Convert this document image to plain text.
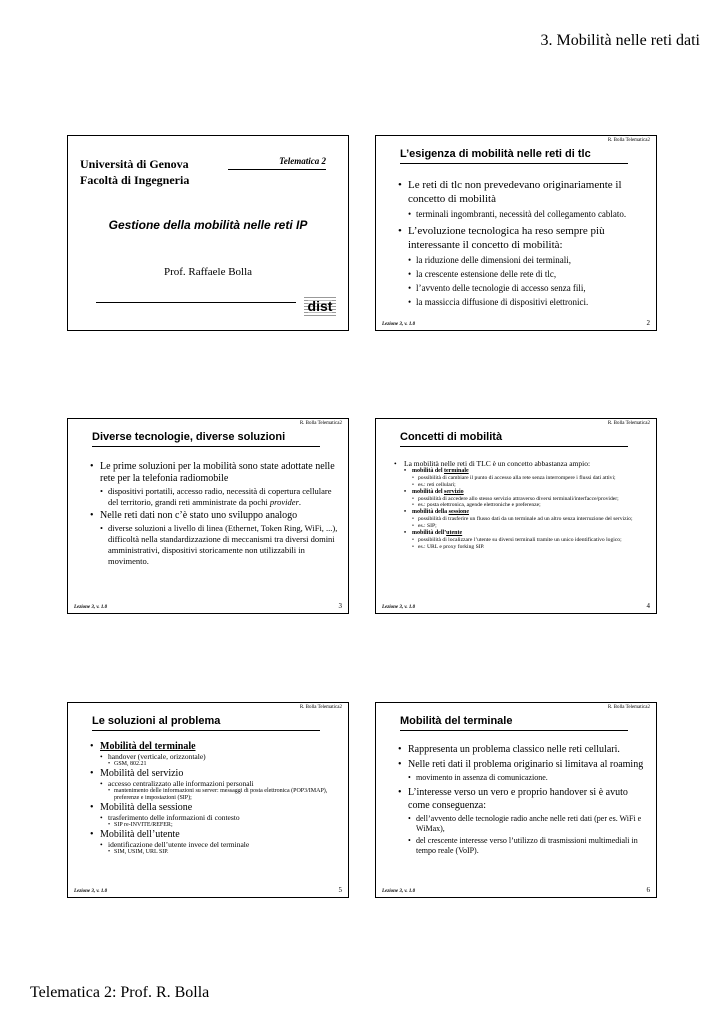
3. Mobilità nelle reti dati
Università di Genova
Facoltà di Ingegneria
Telematica 2
Gestione della mobilità nelle reti IP
Prof. Raffaele Bolla
dist
R. Bolla Telematica2
L’esigenza di mobilità nelle reti di tlc
• Le reti di tlc non prevedevano originariamente il concetto di mobilità
• terminali ingombranti, necessità del collegamento cablato.
• L’evoluzione tecnologica ha reso sempre più interessante il concetto di mobilità:
• la riduzione delle dimensioni dei terminali,
• la crescente estensione delle rete di tlc,
• l’avvento delle tecnologie di accesso senza fili,
• la massiccia diffusione di dispositivi elettronici.
Lezione 3, v. 1.0	2
R. Bolla Telematica2
Diverse tecnologie, diverse soluzioni
• Le prime soluzioni per la mobilità sono state adottate nelle rete per la telefonia radiomobile
• dispositivi portatili, accesso radio, necessità di copertura cellulare del territorio, grandi reti amministrate da pochi provider.
• Nelle reti dati non c’è stato uno sviluppo analogo
• diverse soluzioni a livello di linea (Ethernet, Token Ring, WiFi, ...), difficoltà nella standardizzazione di meccanismi tra diversi domini amministrativi, dispositivi storicamente non utilizzabili in movimento.
Lezione 3, v. 1.0	3
R. Bolla Telematica2
Concetti di mobilità
• La mobilità nelle reti di TLC è un concetto abbastanza ampio:
• mobilità del terminale
• possibilità di cambiare il punto di accesso alla rete senza interrompere i flussi dati attivi;
• es.: reti cellulari;
• mobilità del servizio
• possibilità di accedere allo stesso servizio attraverso diversi terminali/interfacce/provider;
• es.: posta elettronica, agende elettroniche e preferenze;
• mobilità della sessione
• possibilità di trasferire un flusso dati da un terminale ad un altro senza interruzione del servizio;
• es.: SIP;
• mobilità dell’utente
• possibilità di localizzare l’utente su diversi terminali tramite un unico identificativo logico;
• es.: URL e proxy forking SIP.
Lezione 3, v. 1.0	4
R. Bolla Telematica2
Le soluzioni al problema
• Mobilità del terminale
• handover (verticale, orizzontale)
• GSM, 802.21
• Mobilità del servizio
• accesso centralizzato alle informazioni personali
• mantenimento delle informazioni su server: messaggi di posta elettronica (POP3/IMAP), preferenze e impostazioni (SIP);
• Mobilità della sessione
• trasferimento delle informazioni di contesto
• SIP re-INVITE/REFER;
• Mobilità dell’utente
• identificazione dell’utente invece del terminale
• SIM, USIM, URL SIP.
Lezione 3, v. 1.0	5
R. Bolla Telematica2
Mobilità del terminale
• Rappresenta un problema classico nelle reti cellulari.
• Nelle reti dati il problema originario si limitava al roaming
• movimento in assenza di comunicazione.
• L’interesse verso un vero e proprio handover si è avuto come conseguenza:
• dell’avvento delle tecnologie radio anche nelle reti dati (per es. WiFi e WiMax),
• del crescente interesse verso l’utilizzo di trasmissioni multimediali in tempo reale (VoIP).
Lezione 3, v. 1.0	6
Telematica 2: Prof. R. Bolla
